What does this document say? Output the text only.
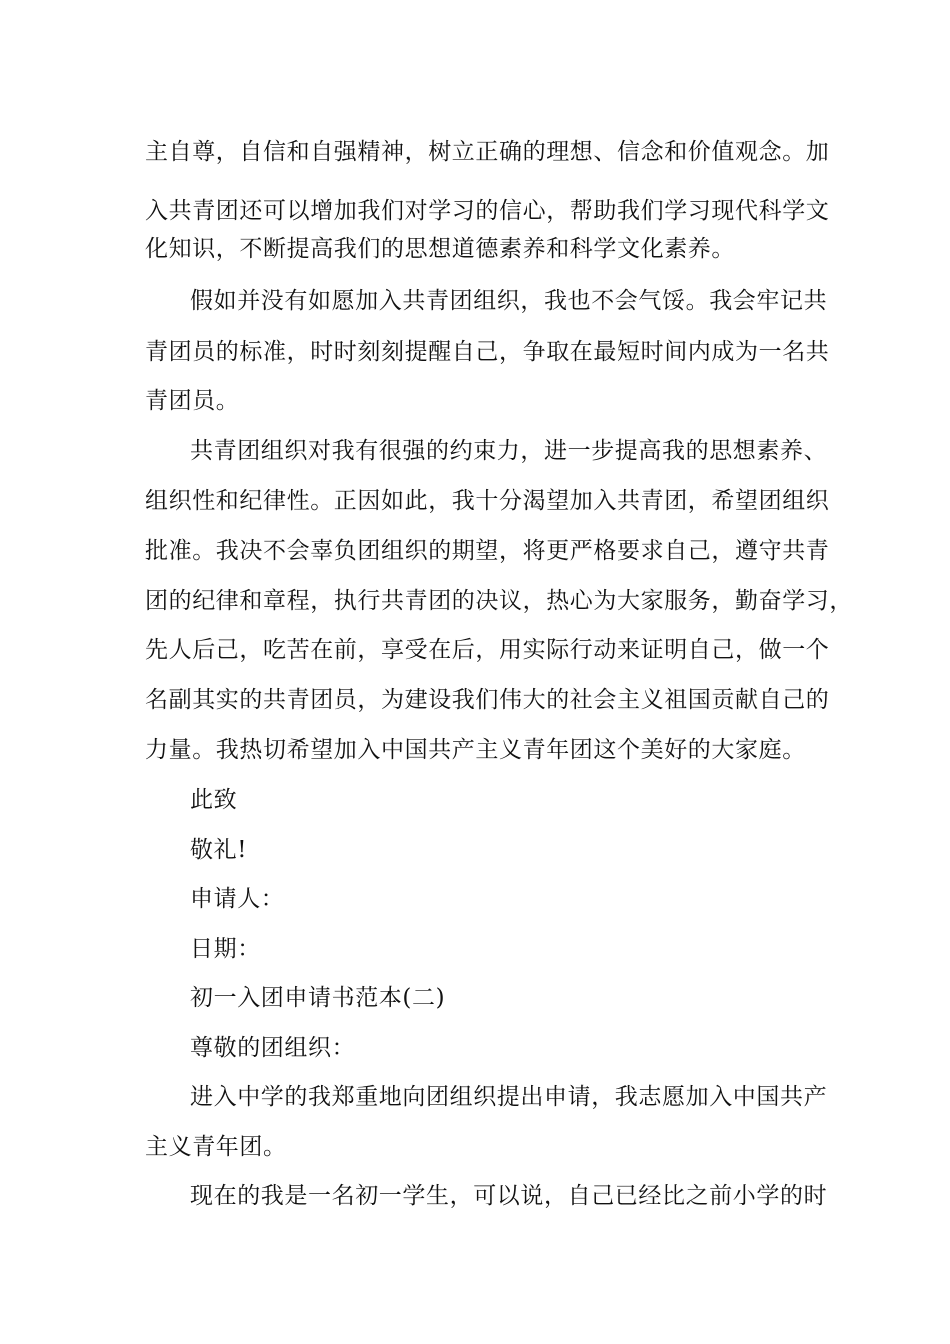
主自尊，自信和自强精神，树立正确的理想、信念和价值观念。加
入共青团还可以增加我们对学习的信心，帮助我们学习现代科学文
化知识，不断提高我们的思想道德素养和科学文化素养。
假如并没有如愿加入共青团组织，我也不会气馁。我会牢记共
青团员的标准，时时刻刻提醒自己，争取在最短时间内成为一名共
青团员。
共青团组织对我有很强的约束力，进一步提高我的思想素养、
组织性和纪律性。正因如此，我十分渴望加入共青团，希望团组织
批准。我决不会辜负团组织的期望，将更严格要求自己，遵守共青
团的纪律和章程，执行共青团的决议，热心为大家服务，勤奋学习，
先人后己，吃苦在前，享受在后，用实际行动来证明自己，做一个
名副其实的共青团员，为建设我们伟大的社会主义祖国贡献自己的
力量。我热切希望加入中国共产主义青年团这个美好的大家庭。
此致
敬礼!
申请人：
日期：
初一入团申请书范本(二)
尊敬的团组织：
进入中学的我郑重地向团组织提出申请，我志愿加入中国共产
主义青年团。
现在的我是一名初一学生，可以说，自己已经比之前小学的时
